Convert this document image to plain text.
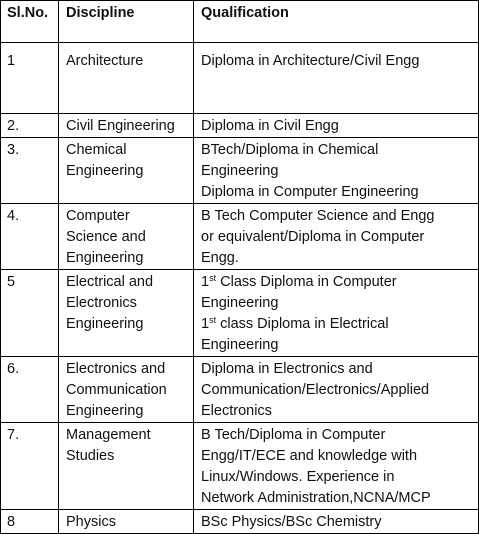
Sl.No.	Discipline	Qualification
1	Architecture	Diploma in Architecture/Civil Engg

2.	Civil Engineering	Diploma in Civil Engg

3.	Chemical
Engineering	BTech/Diploma in Chemical
Engineering
Diploma in Computer Engineering

4.	Computer
Science and
Engineering	B Tech Computer Science and Engg
or equivalent/Diploma in Computer
Engg.

5	Electrical and
Electronics
Engineering	1st Class Diploma in Computer
Engineering
1st class Diploma in Electrical
Engineering

6.	Electronics and
Communication
Engineering	Diploma in Electronics and
Communication/Electronics/Applied
Electronics

7.	Management
Studies	B Tech/Diploma in Computer
Engg/IT/ECE and knowledge with
Linux/Windows. Experience in
Network Administration,NCNA/MCP

8	Physics	BSc Physics/BSc Chemistry
